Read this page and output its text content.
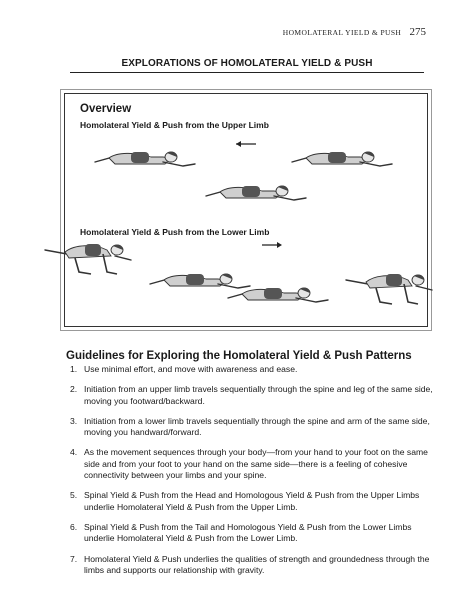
HOMOLATERAL YIELD & PUSH 275
EXPLORATIONS OF HOMOLATERAL YIELD & PUSH
Overview
Homolateral Yield & Push from the Upper Limb
Homolateral Yield & Push from the Lower Limb
Guidelines for Exploring the Homolateral Yield & Push Patterns
1. Use minimal effort, and move with awareness and ease.
2. Initiation from an upper limb travels sequentially through the spine and leg of the same side, moving you footward/backward.
3. Initiation from a lower limb travels sequentially through the spine and arm of the same side, moving you handward/forward.
4. As the movement sequences through your body—from your hand to your foot on the same side and from your foot to your hand on the same side—there is a feeling of cohesive connectivity between your limbs and your spine.
5. Spinal Yield & Push from the Head and Homologous Yield & Push from the Upper Limbs underlie Homolateral Yield & Push from the Upper Limb.
6. Spinal Yield & Push from the Tail and Homologous Yield & Push from the Lower Limbs underlie Homolateral Yield & Push from the Lower Limb.
7. Homolateral Yield & Push underlies the qualities of strength and groundedness through the limbs and supports our relationship with gravity.
